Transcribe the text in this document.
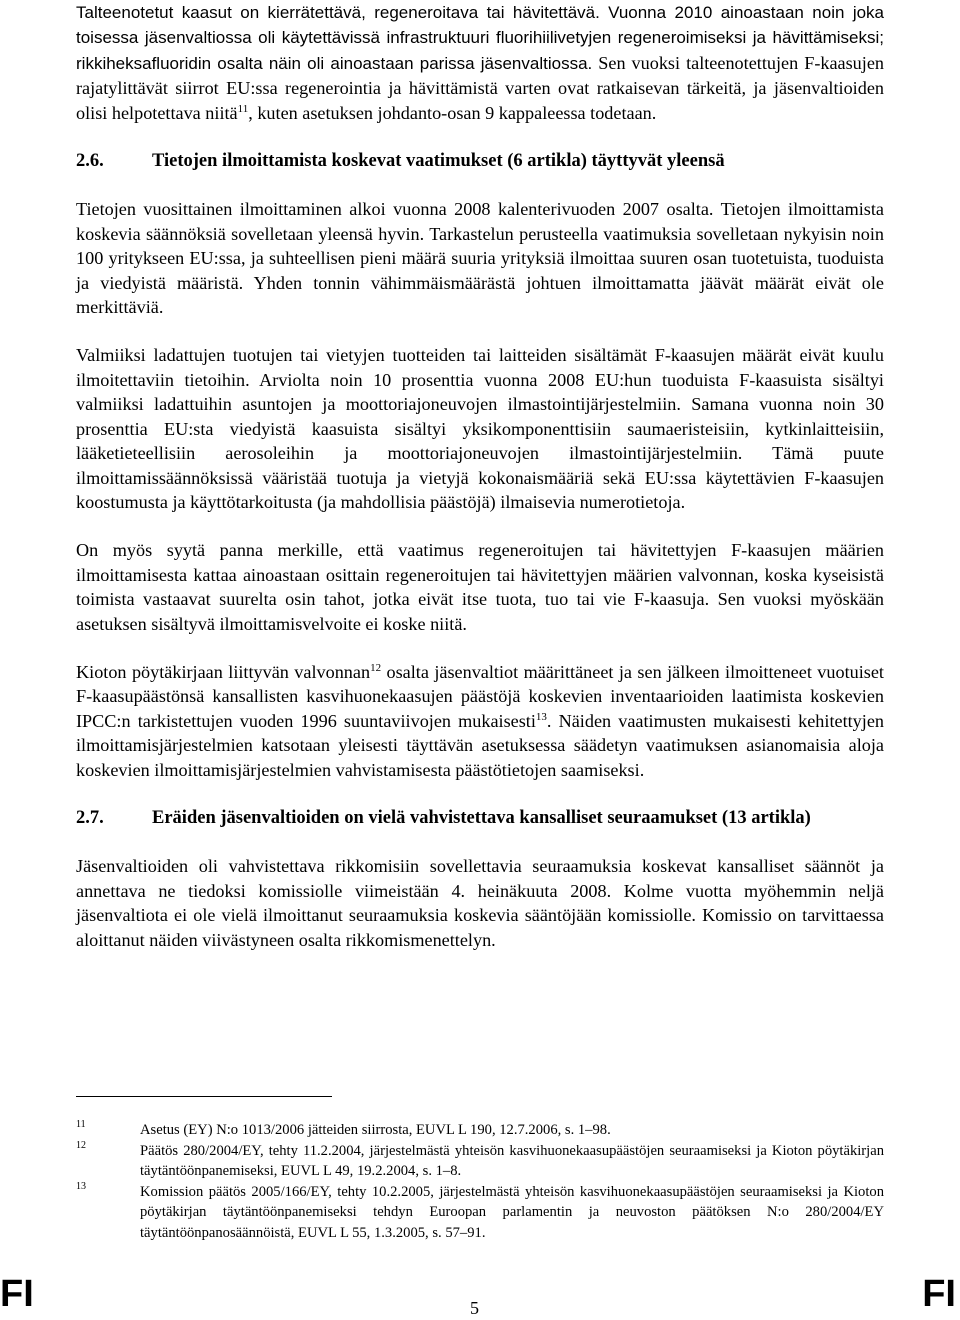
Talteenotetut kaasut on kierrätettävä, regeneroitava tai hävitettävä. Vuonna 2010 ainoastaan noin joka toisessa jäsenvaltiossa oli käytettävissä infrastruktuuri fluorihiilivetyjen regeneroimiseksi ja hävittämiseksi; rikkiheksafluoridin osalta näin oli ainoastaan parissa jäsenvaltiossa. Sen vuoksi talteenotettujen F-kaasujen rajatylittävät siirrot EU:ssa regenerointia ja hävittämistä varten ovat ratkaisevan tärkeitä, ja jäsenvaltioiden olisi helpotettava niitä$^{11}$, kuten asetuksen johdanto-osan 9 kappaleessa todetaan.

2.6.	Tietojen ilmoittamista koskevat vaatimukset (6 artikla) täyttyvät yleensä

Tietojen vuosittainen ilmoittaminen alkoi vuonna 2008 kalenterivuoden 2007 osalta. Tietojen ilmoittamista koskevia säännöksiä sovelletaan yleensä hyvin. Tarkastelun perusteella vaatimuksia sovelletaan nykyisin noin 100 yritykseen EU:ssa, ja suhteellisen pieni määrä suuria yrityksiä ilmoittaa suuren osan tuotetuista, tuoduista ja viedyistä määristä. Yhden tonnin vähimmäismäärästä johtuen ilmoittamatta jäävät määrät eivät ole merkittäviä.

Valmiiksi ladattujen tuotujen tai vietyjen tuotteiden tai laitteiden sisältämät F-kaasujen määrät eivät kuulu ilmoitettaviin tietoihin. Arviolta noin 10 prosenttia vuonna 2008 EU:hun tuoduista F-kaasuista sisältyi valmiiksi ladattuihin asuntojen ja moottoriajoneuvojen ilmastointijärjestelmiin. Samana vuonna noin 30 prosenttia EU:sta viedyistä kaasuista sisältyi yksikomponenttisiin saumaeristeisiin, kytkinlaitteisiin, lääketieteellisiin aerosoleihin ja moottoriajoneuvojen ilmastointijärjestelmiin. Tämä puute ilmoittamissäännöksissä vääristää tuotuja ja vietyjä kokonaismääriä sekä EU:ssa käytettävien F-kaasujen koostumusta ja käyttötarkoitusta (ja mahdollisia päästöjä) ilmaisevia numerotietoja.

On myös syytä panna merkille, että vaatimus regeneroitujen tai hävitettyjen F-kaasujen määrien ilmoittamisesta kattaa ainoastaan osittain regeneroitujen tai hävitettyjen määrien valvonnan, koska kyseisistä toimista vastaavat suurelta osin tahot, jotka eivät itse tuota, tuo tai vie F-kaasuja. Sen vuoksi myöskään asetuksen sisältyvä ilmoittamisvelvoite ei koske niitä.

Kioton pöytäkirjaan liittyvän valvonnan$^{12}$ osalta jäsenvaltiot määrittäneet ja sen jälkeen ilmoitteneet vuotuiset F-kaasupäästönsä kansallisten kasvihuonekaasujen päästöjä koskevien inventaarioiden laatimista koskevien IPCC:n tarkistettujen vuoden 1996 suuntaviivojen mukaisesti$^{13}$. Näiden vaatimusten mukaisesti kehitettyjen ilmoittamisjärjestelmien katsotaan yleisesti täyttävän asetuksessa säädetyn vaatimuksen asianomaisia aloja koskevien ilmoittamisjärjestelmien vahvistamisesta päästötietojen saamiseksi.

2.7.	Eräiden jäsenvaltioiden on vielä vahvistettava kansalliset seuraamukset (13 artikla)

Jäsenvaltioiden oli vahvistettava rikkomisiin sovellettavia seuraamuksia koskevat kansalliset säännöt ja annettava ne tiedoksi komissiolle viimeistään 4. heinäkuuta 2008. Kolme vuotta myöhemmin neljä jäsenvaltiota ei ole vielä ilmoittanut seuraamuksia koskevia sääntöjään komissiolle. Komissio on tarvittaessa aloittanut näiden viivästyneen osalta rikkomismenettelyn.

11	Asetus (EY) N:o 1013/2006 jätteiden siirrosta, EUVL L 190, 12.7.2006, s. 1–98.
12	Päätös 280/2004/EY, tehty 11.2.2004, järjestelmästä yhteisön kasvihuonekaasupäästöjen seuraamiseksi ja Kioton pöytäkirjan täytäntöönpanemiseksi, EUVL L 49, 19.2.2004, s. 1–8.
13	Komission päätös 2005/166/EY, tehty 10.2.2005, järjestelmästä yhteisön kasvihuonekaasupäästöjen seuraamiseksi ja Kioton pöytäkirjan täytäntöönpanemiseksi tehdyn Euroopan parlamentin ja neuvoston päätöksen N:o 280/2004/EY täytäntöönpanosäännöistä, EUVL L 55, 1.3.2005, s. 57–91.
FI	5	FI
